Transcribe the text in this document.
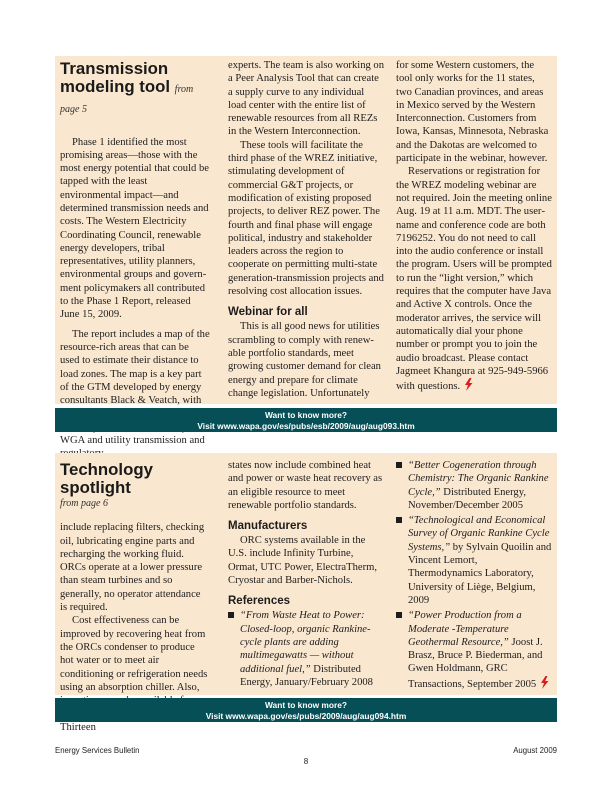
Transmission
modeling tool from page 5

Phase 1 identified the most promising areas—those with the most energy potential that could be tapped with the least environmental impact—and determined transmission needs and costs. The Western Electricity Coordinating Council, renewable energy developers, tribal representatives, utility planners, environmental groups and government policymakers all contributed to the Phase 1 Report, released June 15, 2009.

The report includes a map of the resource-rich areas that can be used to estimate their distance to load zones. The map is a key part of the GTM developed by energy consultants Black & Veatch, with WGA and utility transmission and

experts. The team is also working on a Peer Analysis Tool that can create a supply curve to any individual load center with the entire list of renewable resources from all REZs in the Western Interconnection.

These tools will facilitate the third phase of the WREZ initiative, stimulating development of commercial G&T projects, or modification of existing proposed projects, to deliver REZ power. The fourth and final phase will engage political, industry and stakeholder leaders across the region to cooperate on permitting multi-state generation-transmission projects and resolving cost allocation issues.

Webinar for all

This is all good news for utilities scrambling to comply with renewable portfolio standards, meet growing customer demand for clean energy and prepare for climate change legislation. Unfortunately

for some Western customers, the tool only works for the 11 states, two Canadian provinces, and areas in Mexico served by the Western Interconnection. Customers from Iowa, Kansas, Minnesota, Nebraska and the Dakotas are welcomed to participate in the webinar, however.

Reservations or registration for the WREZ modeling webinar are not required. Join the meeting online Aug. 19 at 11 a.m. MDT. The username and conference code are both 7196252. You do not need to call into the audio conference or install the program. Users will be prompted to run the “light version,” which requires that the computer have Java and Active X controls. Once the moderator arrives, the service will automatically dial your phone number or prompt you to join the audio broadcast. Please contact Jagmeet Khangura at 925-949-5966 with questions.

Want to know more?
Visit www.wapa.gov/es/pubs/esb/2009/aug/aug093.htm
Technology spotlight
from page 6

include replacing filters, checking oil, lubricating engine parts and recharging the working fluid. ORCs operate at a lower pressure than steam turbines and so generally, no operator attendance is required.

Cost effectiveness can be improved by recovering heat from the ORCs condenser to produce hot water or to meet air conditioning or refrigeration needs using an absorption chiller. Also, Thirteen

states now include combined heat and power or waste heat recovery as an eligible resource to meet renewable portfolio standards.

Manufacturers

ORC systems available in the U.S. include Infinity Turbine, Ormat, UTC Power, ElectraTherm, Cryostar and Barber-Nichols.

References
“From Waste Heat to Power: Closed-loop, organic Rankine-cycle plants are adding multimegawatts — without additional fuel,” Distributed Energy, January/February 2008
“Better Cogeneration through Chemistry: The Organic Rankine Cycle,” Distributed Energy, November/December 2005
“Technological and Economical Survey of Organic Rankine Cycle Systems,” by Sylvain Quoilin and Vincent Lemort, Thermodynamics Laboratory, University of Liège, Belgium, 2009
“Power Production from a Moderate -Temperature Geothermal Resource,” Joost J. Brasz, Bruce P. Biederman, and Gwen Holdmann, GRC Transactions, September 2005
Want to know more?
Visit www.wapa.gov/es/pubs/2009/aug/aug094.htm
Energy Services Bulletin	August 2009
8
